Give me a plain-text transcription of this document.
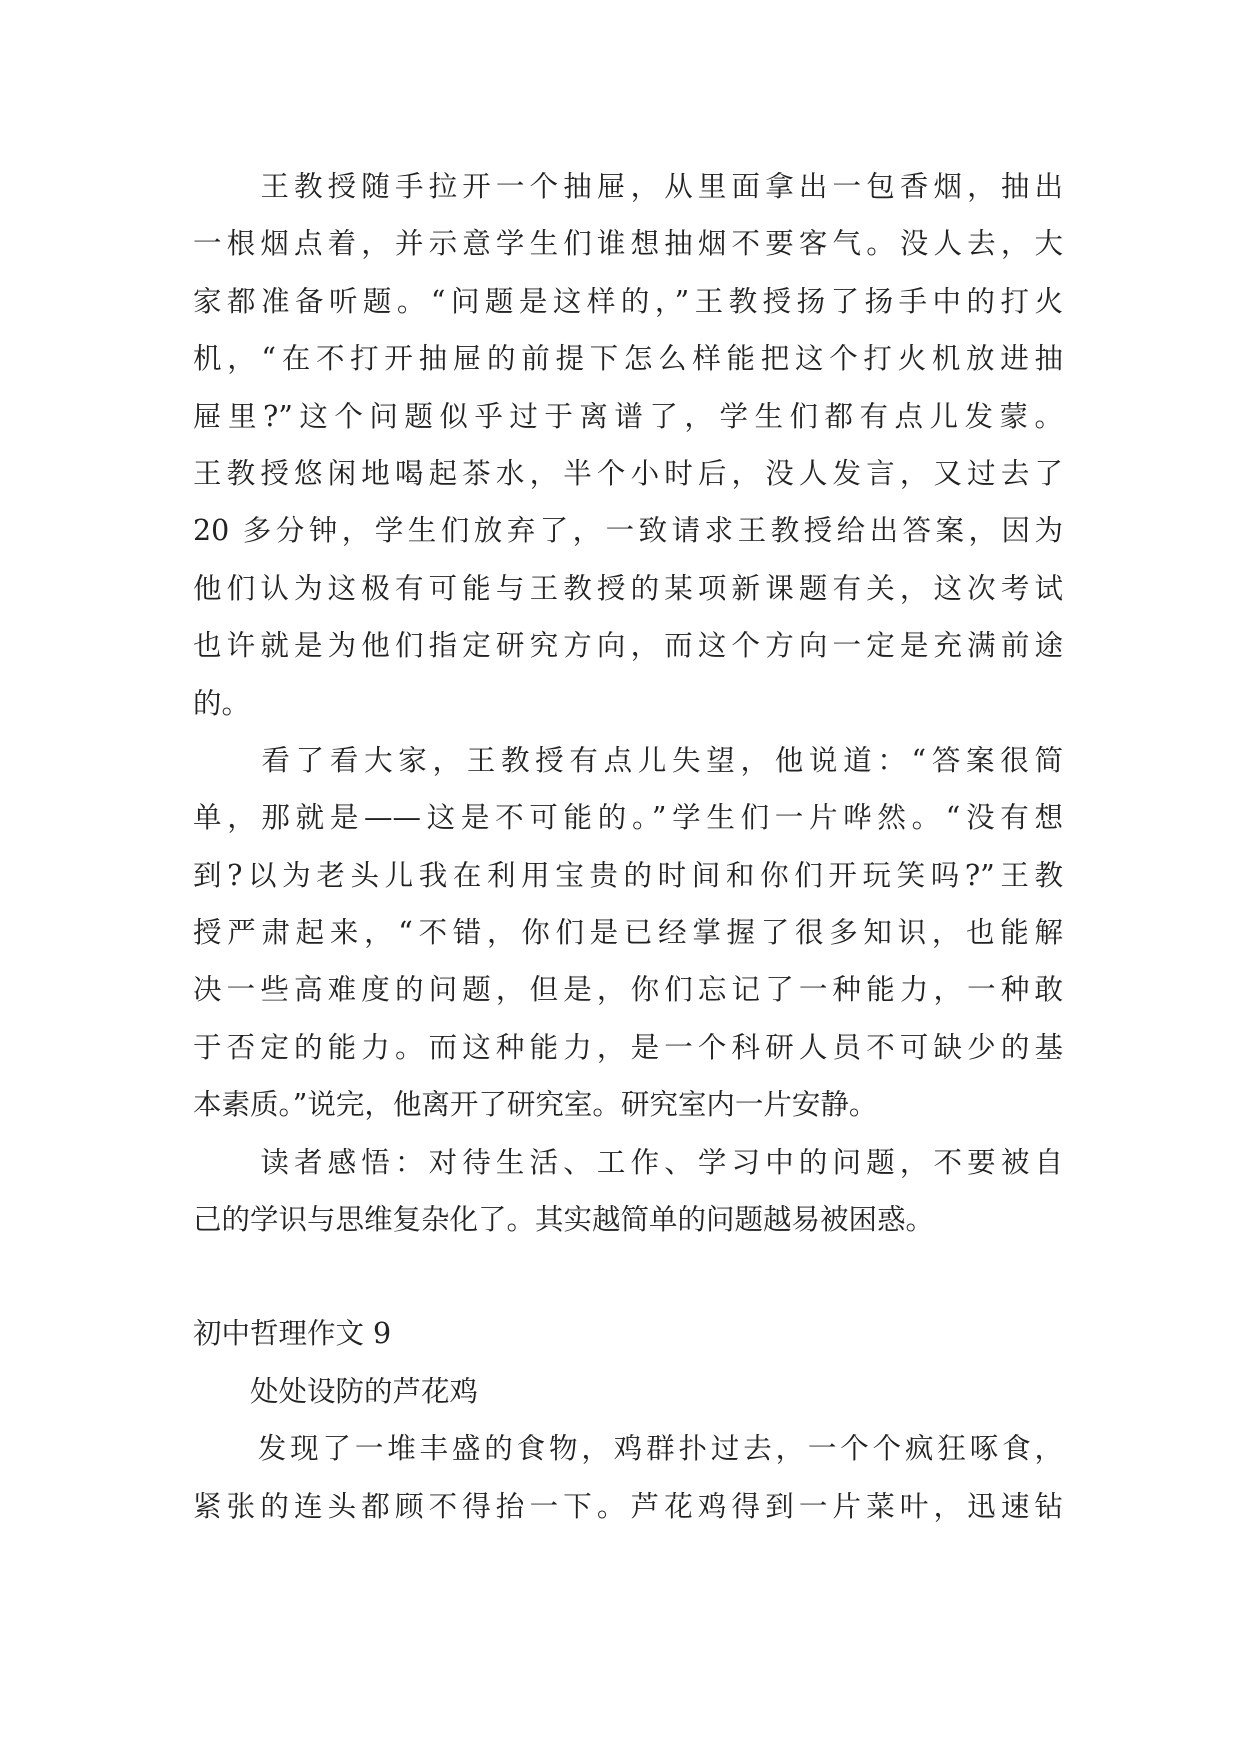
　　王教授随手拉开一个抽屉，从里面拿出一包香烟，抽出
一根烟点着，并示意学生们谁想抽烟不要客气。没人去，大
家都准备听题。“问题是这样的，”王教授扬了扬手中的打火
机，“在不打开抽屉的前提下怎么样能把这个打火机放进抽
屉里?”这个问题似乎过于离谱了，学生们都有点儿发蒙。
王教授悠闲地喝起茶水，半个小时后，没人发言，又过去了
20 多分钟，学生们放弃了，一致请求王教授给出答案，因为
他们认为这极有可能与王教授的某项新课题有关，这次考试
也许就是为他们指定研究方向，而这个方向一定是充满前途
的。
　　看了看大家，王教授有点儿失望，他说道：“答案很简
单，那就是——这是不可能的。”学生们一片哗然。“没有想
到?以为老头儿我在利用宝贵的时间和你们开玩笑吗?”王教
授严肃起来，“不错，你们是已经掌握了很多知识，也能解
决一些高难度的问题，但是，你们忘记了一种能力，一种敢
于否定的能力。而这种能力，是一个科研人员不可缺少的基
本素质。”说完，他离开了研究室。研究室内一片安静。
　　读者感悟：对待生活、工作、学习中的问题，不要被自
己的学识与思维复杂化了。其实越简单的问题越易被困惑。
初中哲理作文 9
　　处处设防的芦花鸡
　　发现了一堆丰盛的食物，鸡群扑过去，一个个疯狂啄食，
紧张的连头都顾不得抬一下。芦花鸡得到一片菜叶，迅速钻
